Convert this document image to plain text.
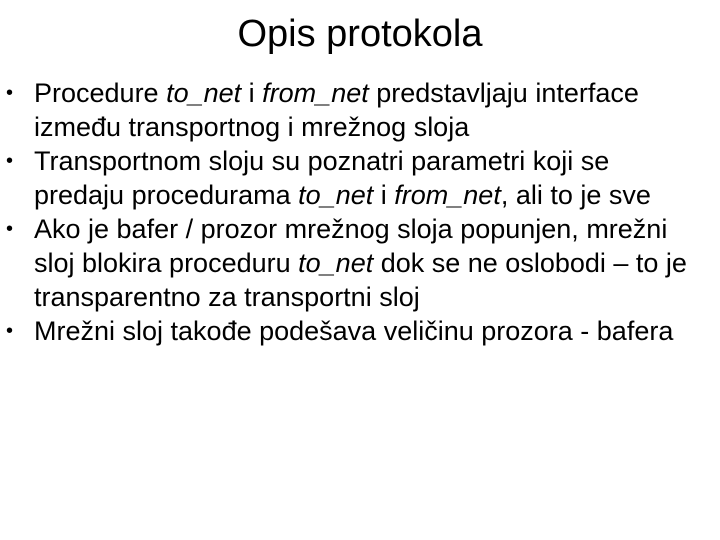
Opis protokola
• Procedure to_net i from_net predstavljaju interface između transportnog i mrežnog sloja
• Transportnom sloju su poznatri parametri koji se predaju procedurama to_net i from_net, ali to je sve
• Ako je bafer / prozor mrežnog sloja popunjen, mrežni sloj blokira proceduru to_net dok se ne oslobodi – to je transparentno za transportni sloj
• Mrežni sloj takođe podešava veličinu prozora - bafera
